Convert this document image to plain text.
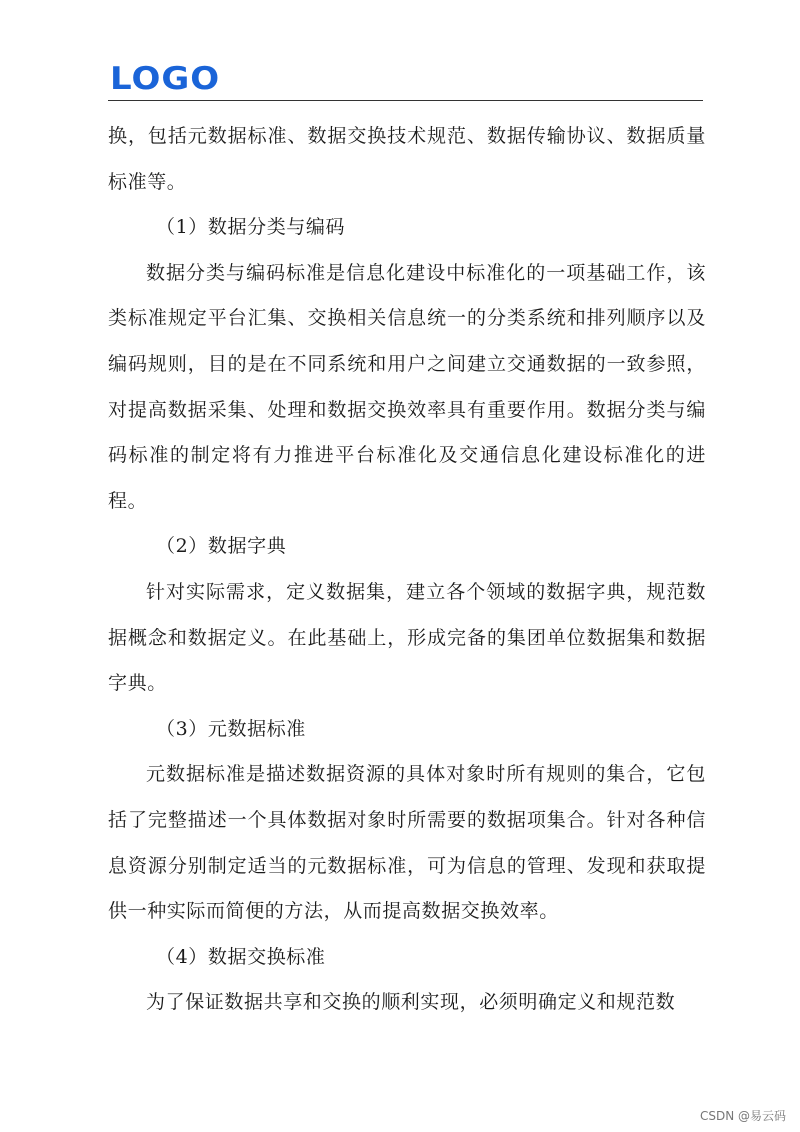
LOGO

换，包括元数据标准、数据交换技术规范、数据传输协议、数据质量标准等。

（1）数据分类与编码

数据分类与编码标准是信息化建设中标准化的一项基础工作，该类标准规定平台汇集、交换相关信息统一的分类系统和排列顺序以及编码规则，目的是在不同系统和用户之间建立交通数据的一致参照，对提高数据采集、处理和数据交换效率具有重要作用。数据分类与编码标准的制定将有力推进平台标准化及交通信息化建设标准化的进程。

（2）数据字典

针对实际需求，定义数据集，建立各个领域的数据字典，规范数据概念和数据定义。在此基础上，形成完备的集团单位数据集和数据字典。

（3）元数据标准

元数据标准是描述数据资源的具体对象时所有规则的集合，它包括了完整描述一个具体数据对象时所需要的数据项集合。针对各种信息资源分别制定适当的元数据标准，可为信息的管理、发现和获取提供一种实际而简便的方法，从而提高数据交换效率。

（4）数据交换标准

为了保证数据共享和交换的顺利实现，必须明确定义和规范数

CSDN @易云码
